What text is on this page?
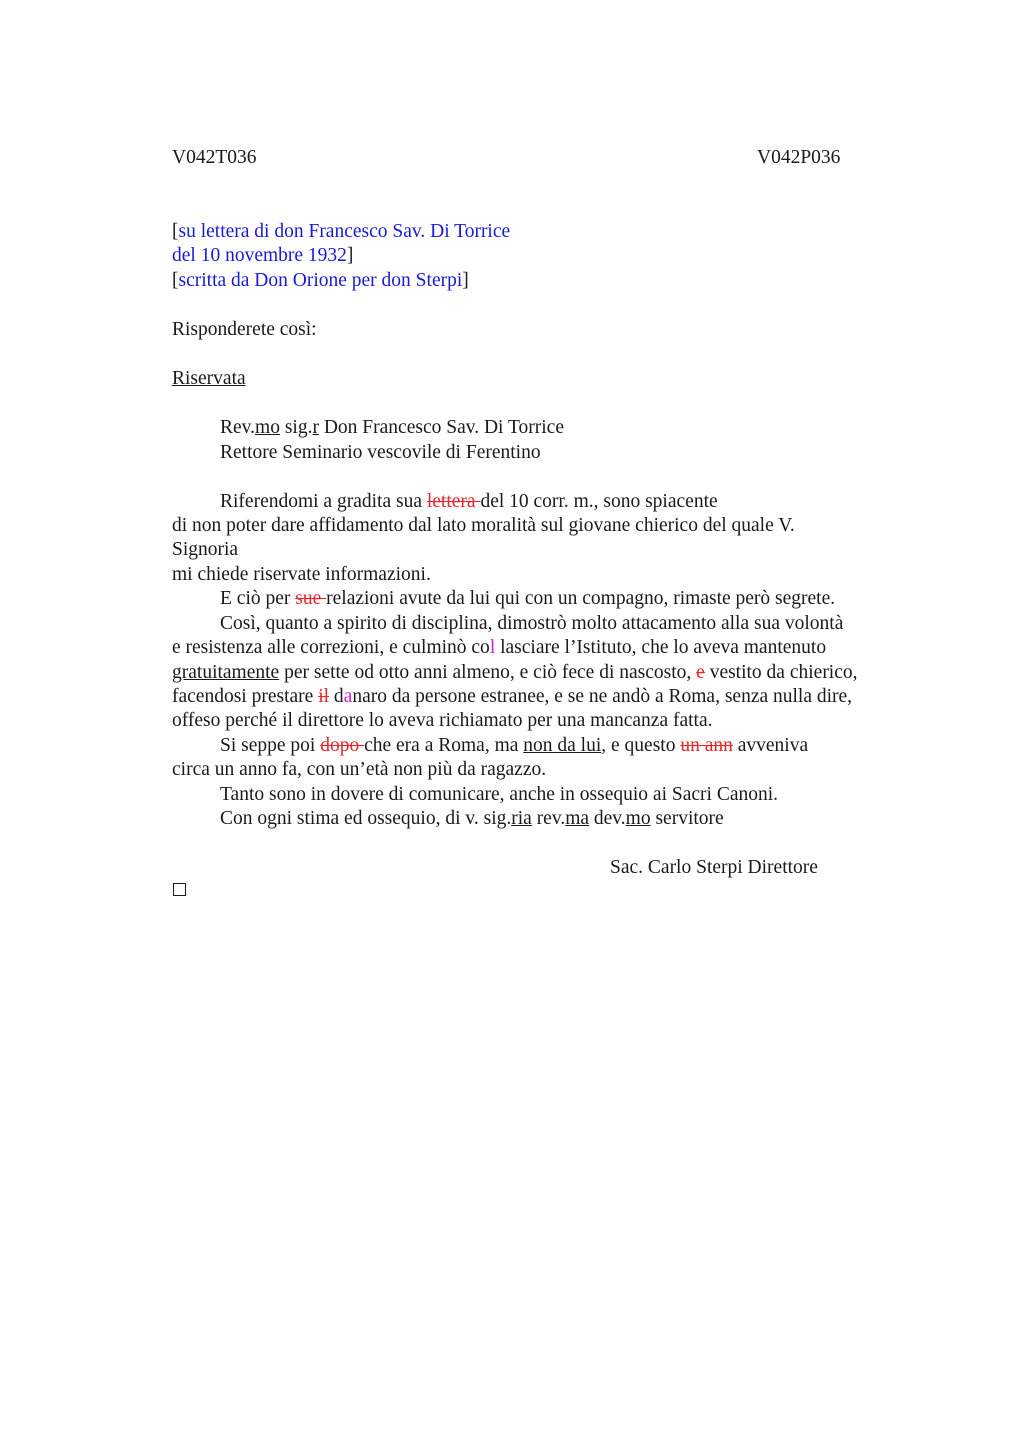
V042T036	V042P036
[su lettera di don Francesco Sav. Di Torrice
del 10 novembre 1932]
[scritta da Don Orione per don Sterpi]
Risponderete così:
Riservata
Rev.mo sig.r Don Francesco Sav. Di Torrice
Rettore Seminario vescovile di Ferentino
Riferendomi a gradita sua lettera del 10 corr. m., sono spiacente
di non poter dare affidamento dal lato moralità sul giovane chierico del quale V.
Signoria
mi chiede riservate informazioni.
E ciò per sue relazioni avute da lui qui con un compagno, rimaste però segrete.
Così, quanto a spirito di disciplina, dimostrò molto attacamento alla sua volontà
e resistenza alle correzioni, e culminò col lasciare l’Istituto, che lo aveva mantenuto
gratuitamente per sette od otto anni almeno, e ciò fece di nascosto, e vestito da chierico,
facendosi prestare il danaro da persone estranee, e se ne andò a Roma, senza nulla dire,
offeso perché il direttore lo aveva richiamato per una mancanza fatta.
Si seppe poi dopo che era a Roma, ma non da lui, e questo un ann avveniva
circa un anno fa, con un’età non più da ragazzo.
Tanto sono in dovere di comunicare, anche in ossequio ai Sacri Canoni.
Con ogni stima ed ossequio, di v. sig.ria rev.ma dev.mo servitore
Sac. Carlo Sterpi Direttore
